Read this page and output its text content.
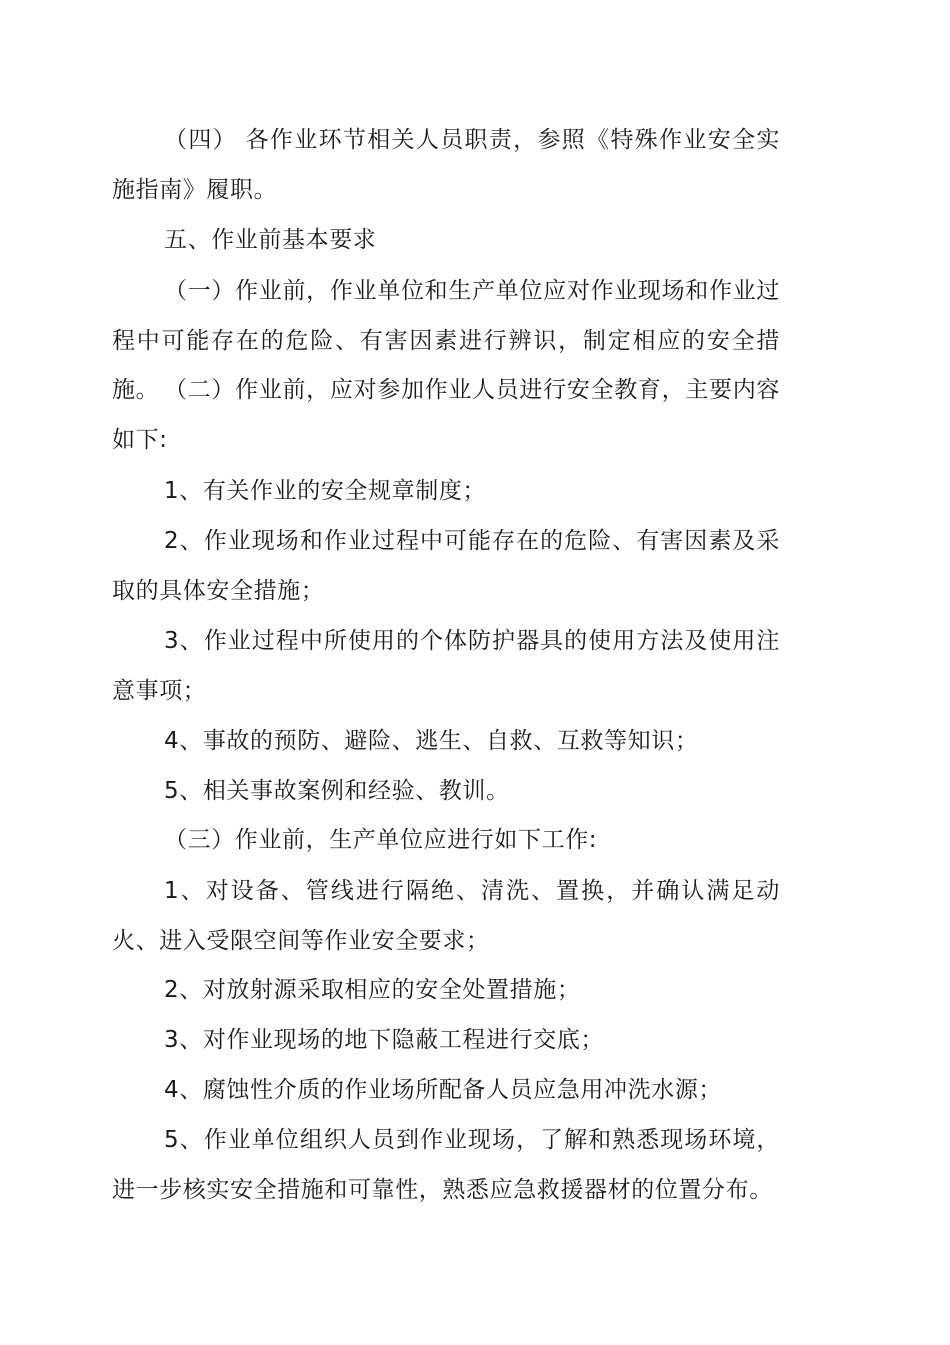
（四） 各作业环节相关人员职责，参照《特殊作业安全实施指南》履职。

五、作业前基本要求

（一）作业前，作业单位和生产单位应对作业现场和作业过程中可能存在的危险、有害因素进行辨识，制定相应的安全措施。 （二）作业前，应对参加作业人员进行安全教育，主要内容如下:

1、有关作业的安全规章制度；

2、作业现场和作业过程中可能存在的危险、有害因素及采取的具体安全措施；

3、作业过程中所使用的个体防护器具的使用方法及使用注意事项；

4、事故的预防、避险、逃生、自救、互救等知识；

5、相关事故案例和经验、教训。

（三）作业前，生产单位应进行如下工作:

1、对设备、管线进行隔绝、清洗、置换，并确认满足动火、进入受限空间等作业安全要求；

2、对放射源采取相应的安全处置措施；

3、对作业现场的地下隐蔽工程进行交底；

4、腐蚀性介质的作业场所配备人员应急用冲洗水源；

5、作业单位组织人员到作业现场，了解和熟悉现场环境，进一步核实安全措施和可靠性，熟悉应急救援器材的位置分布。
